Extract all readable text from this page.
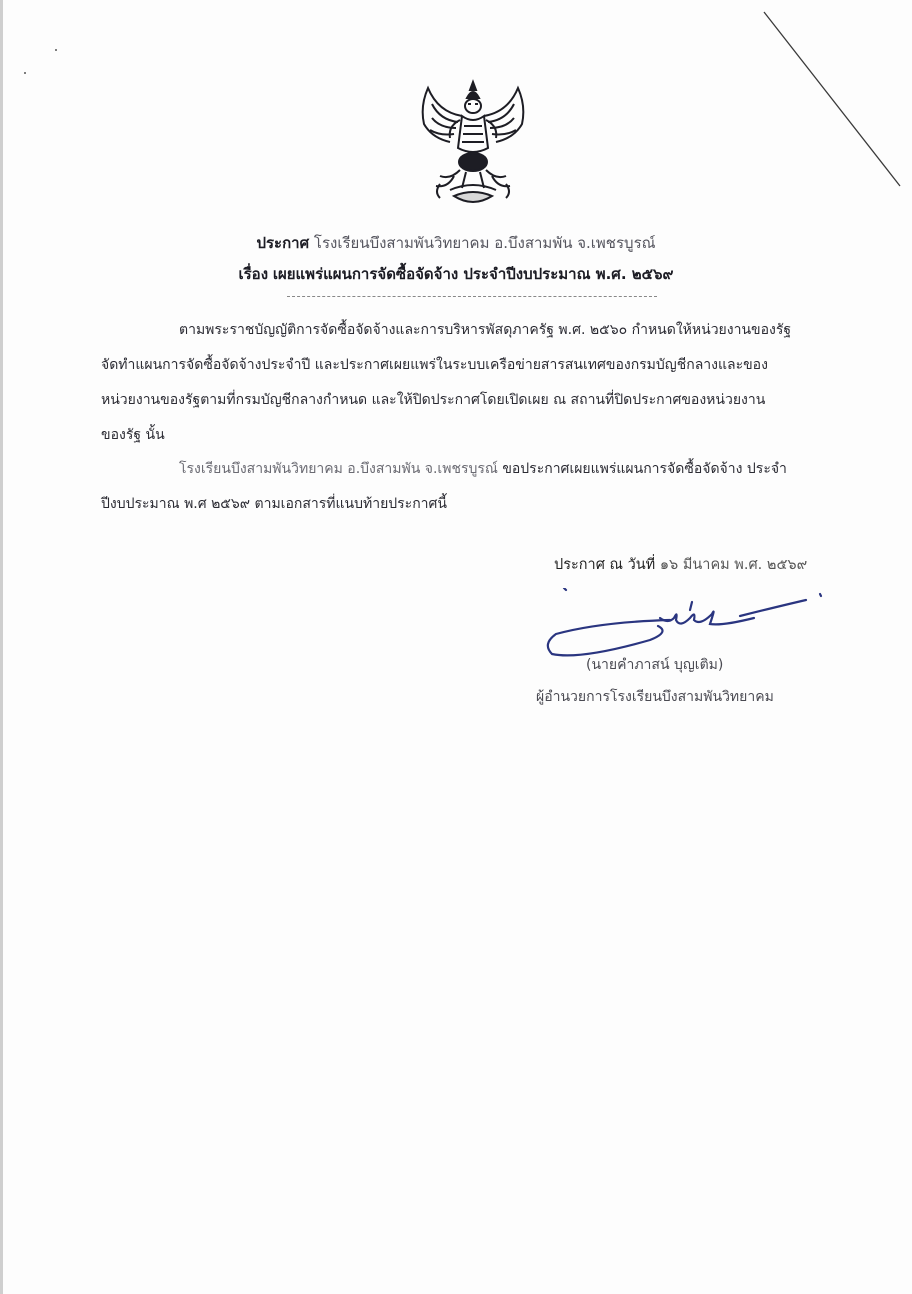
ประกาศ โรงเรียนบึงสามพันวิทยาคม อ.บึงสามพัน จ.เพชรบูรณ์
เรื่อง เผยแพร่แผนการจัดซื้อจัดจ้าง ประจำปีงบประมาณ พ.ศ. ๒๕๖๙
ตามพระราชบัญญัติการจัดซื้อจัดจ้างและการบริหารพัสดุภาครัฐ พ.ศ. ๒๕๖๐ กำหนดให้หน่วยงานของรัฐ
จัดทำแผนการจัดซื้อจัดจ้างประจำปี และประกาศเผยแพร่ในระบบเครือข่ายสารสนเทศของกรมบัญชีกลางและของ
หน่วยงานของรัฐตามที่กรมบัญชีกลางกำหนด และให้ปิดประกาศโดยเปิดเผย ณ สถานที่ปิดประกาศของหน่วยงาน
ของรัฐ นั้น
โรงเรียนบึงสามพันวิทยาคม อ.บึงสามพัน จ.เพชรบูรณ์ ขอประกาศเผยแพร่แผนการจัดซื้อจัดจ้าง ประจำ
ปีงบประมาณ พ.ศ ๒๕๖๙ ตามเอกสารที่แนบท้ายประกาศนี้
ประกาศ ณ วันที่ ๑๖ มีนาคม พ.ศ. ๒๕๖๙
(นายคำภาสน์ บุญเติม)
ผู้อำนวยการโรงเรียนบึงสามพันวิทยาคม
